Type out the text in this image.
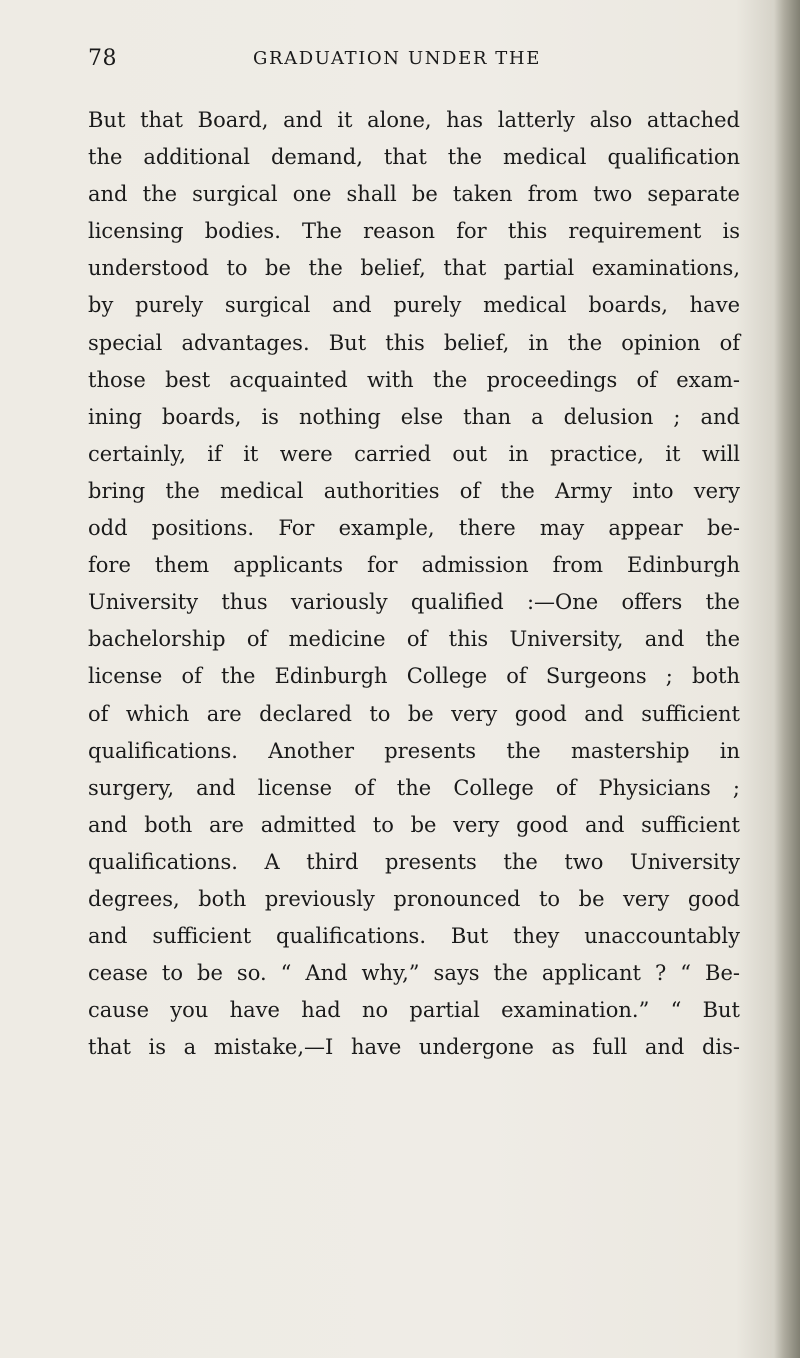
78	GRADUATION UNDER THE
But that Board, and it alone, has latterly also attached
the additional demand, that the medical qualification
and the surgical one shall be taken from two separate
licensing bodies. The reason for this requirement is
understood to be the belief, that partial examinations,
by purely surgical and purely medical boards, have
special advantages. But this belief, in the opinion of
those best acquainted with the proceedings of exam-
ining boards, is nothing else than a delusion ; and
certainly, if it were carried out in practice, it will
bring the medical authorities of the Army into very
odd positions. For example, there may appear be-
fore them applicants for admission from Edinburgh
University thus variously qualified :—One offers the
bachelorship of medicine of this University, and the
license of the Edinburgh College of Surgeons ; both
of which are declared to be very good and sufficient
qualifications. Another presents the mastership in
surgery, and license of the College of Physicians ;
and both are admitted to be very good and sufficient
qualifications. A third presents the two University
degrees, both previously pronounced to be very good
and sufficient qualifications. But they unaccountably
cease to be so. “ And why,” says the applicant ? “ Be-
cause you have had no partial examination.” “ But
that is a mistake,—I have undergone as full and dis-
